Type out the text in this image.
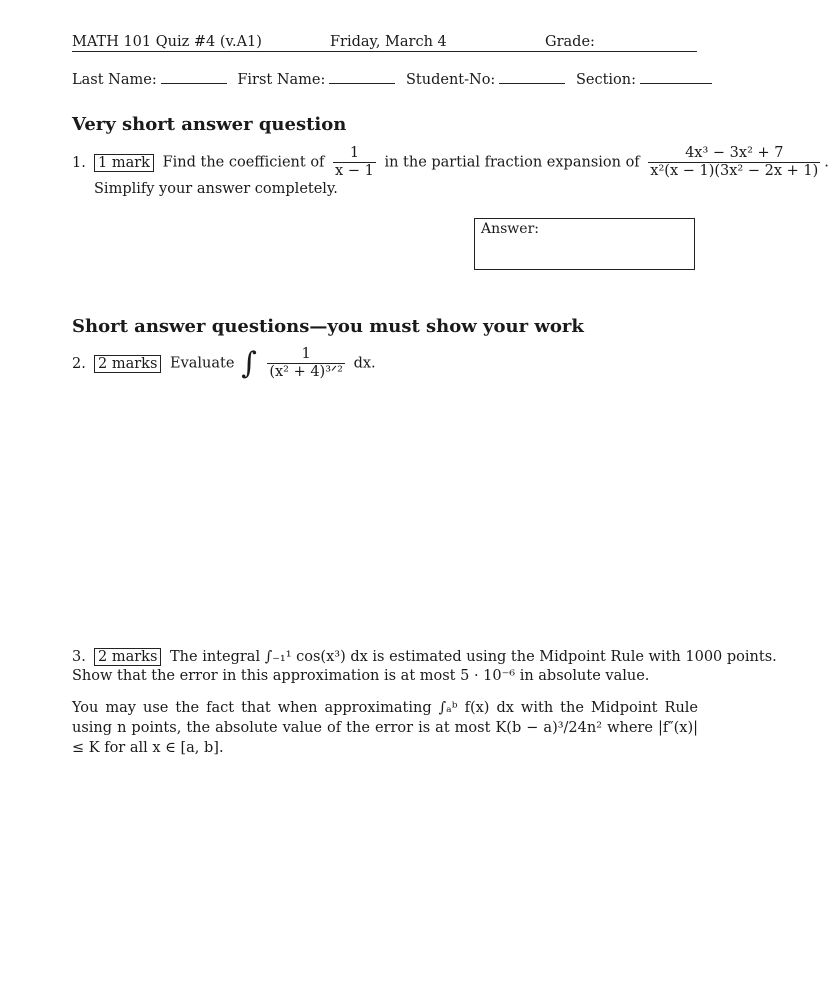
MATH 101 Quiz #4 (v.A1)	Friday, March 4	Grade:
Last Name:	First Name:	Student-No:	Section:
Very short answer question
1. 1 mark Find the coefficient of $\frac{1}{x - 1}$ in the partial fraction expansion of $\frac{\text{4x³ − 3x² + 7}}{\text{x²(x − 1)(3x² − 2x + 1)}}$ .
Simplify your answer completely.
Answer:
Short answer questions—you must show your work
2. 2 marks Evaluate ∫ $\frac{1}{\text{(x² + 4)³ᐟ²}}$ dx.
3. 2 marks The integral ∫₋₁¹ cos(x³) dx is estimated using the Midpoint Rule with 1000 points.
Show that the error in this approximation is at most 5 · 10⁻⁶ in absolute value.
You may use the fact that when approximating ∫ₐᵇ f(x) dx with the Midpoint Rule using n points, the absolute value of the error is at most K(b − a)³/24n² where |f″(x)| ≤ K for all x ∈ [a, b].
